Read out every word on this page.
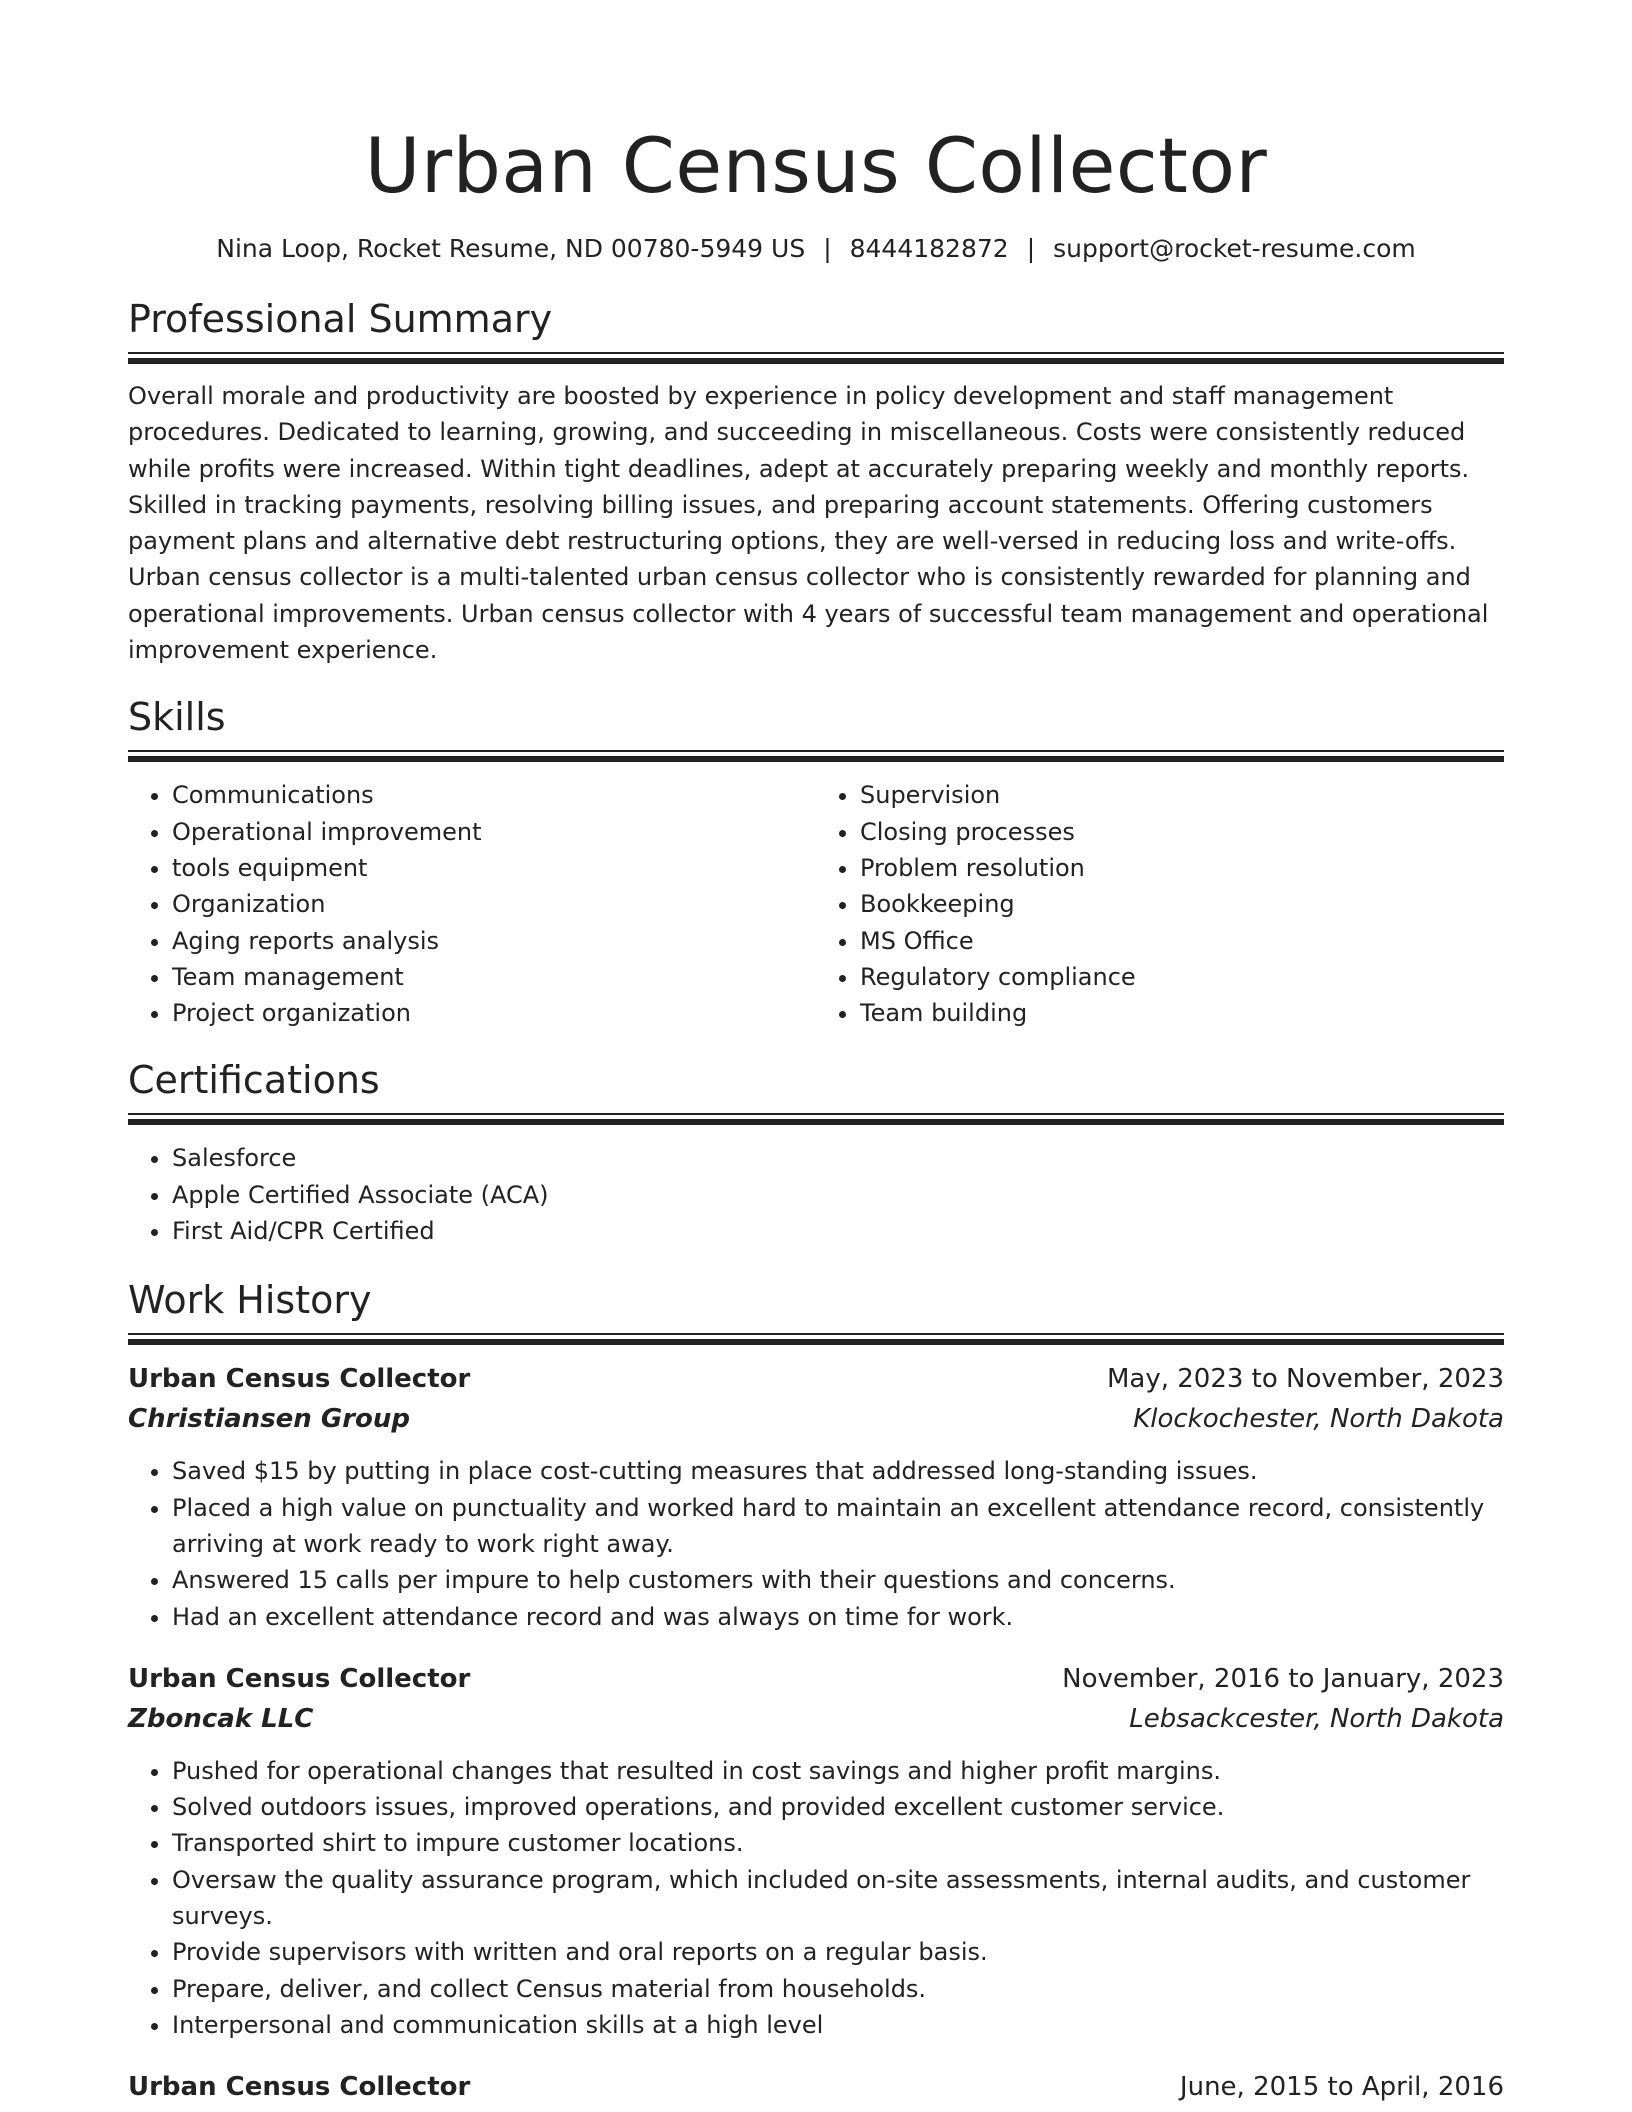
Urban Census Collector
Nina Loop, Rocket Resume, ND 00780-5949 US | 8444182872 | support@rocket-resume.com
Professional Summary
Overall morale and productivity are boosted by experience in policy development and staff management procedures. Dedicated to learning, growing, and succeeding in miscellaneous. Costs were consistently reduced while profits were increased. Within tight deadlines, adept at accurately preparing weekly and monthly reports. Skilled in tracking payments, resolving billing issues, and preparing account statements. Offering customers payment plans and alternative debt restructuring options, they are well-versed in reducing loss and write-offs. Urban census collector is a multi-talented urban census collector who is consistently rewarded for planning and operational improvements. Urban census collector with 4 years of successful team management and operational improvement experience.
Skills
• Communications
• Operational improvement
• tools equipment
• Organization
• Aging reports analysis
• Team management
• Project organization
• Supervision
• Closing processes
• Problem resolution
• Bookkeeping
• MS Office
• Regulatory compliance
• Team building
Certifications
• Salesforce
• Apple Certified Associate (ACA)
• First Aid/CPR Certified
Work History
Urban Census Collector	May, 2023 to November, 2023
Christiansen Group	Klockochester, North Dakota
• Saved $15 by putting in place cost-cutting measures that addressed long-standing issues.
• Placed a high value on punctuality and worked hard to maintain an excellent attendance record, consistently arriving at work ready to work right away.
• Answered 15 calls per impure to help customers with their questions and concerns.
• Had an excellent attendance record and was always on time for work.
Urban Census Collector	November, 2016 to January, 2023
Zboncak LLC	Lebsackcester, North Dakota
• Pushed for operational changes that resulted in cost savings and higher profit margins.
• Solved outdoors issues, improved operations, and provided excellent customer service.
• Transported shirt to impure customer locations.
• Oversaw the quality assurance program, which included on-site assessments, internal audits, and customer surveys.
• Provide supervisors with written and oral reports on a regular basis.
• Prepare, deliver, and collect Census material from households.
• Interpersonal and communication skills at a high level
Urban Census Collector	June, 2015 to April, 2016
